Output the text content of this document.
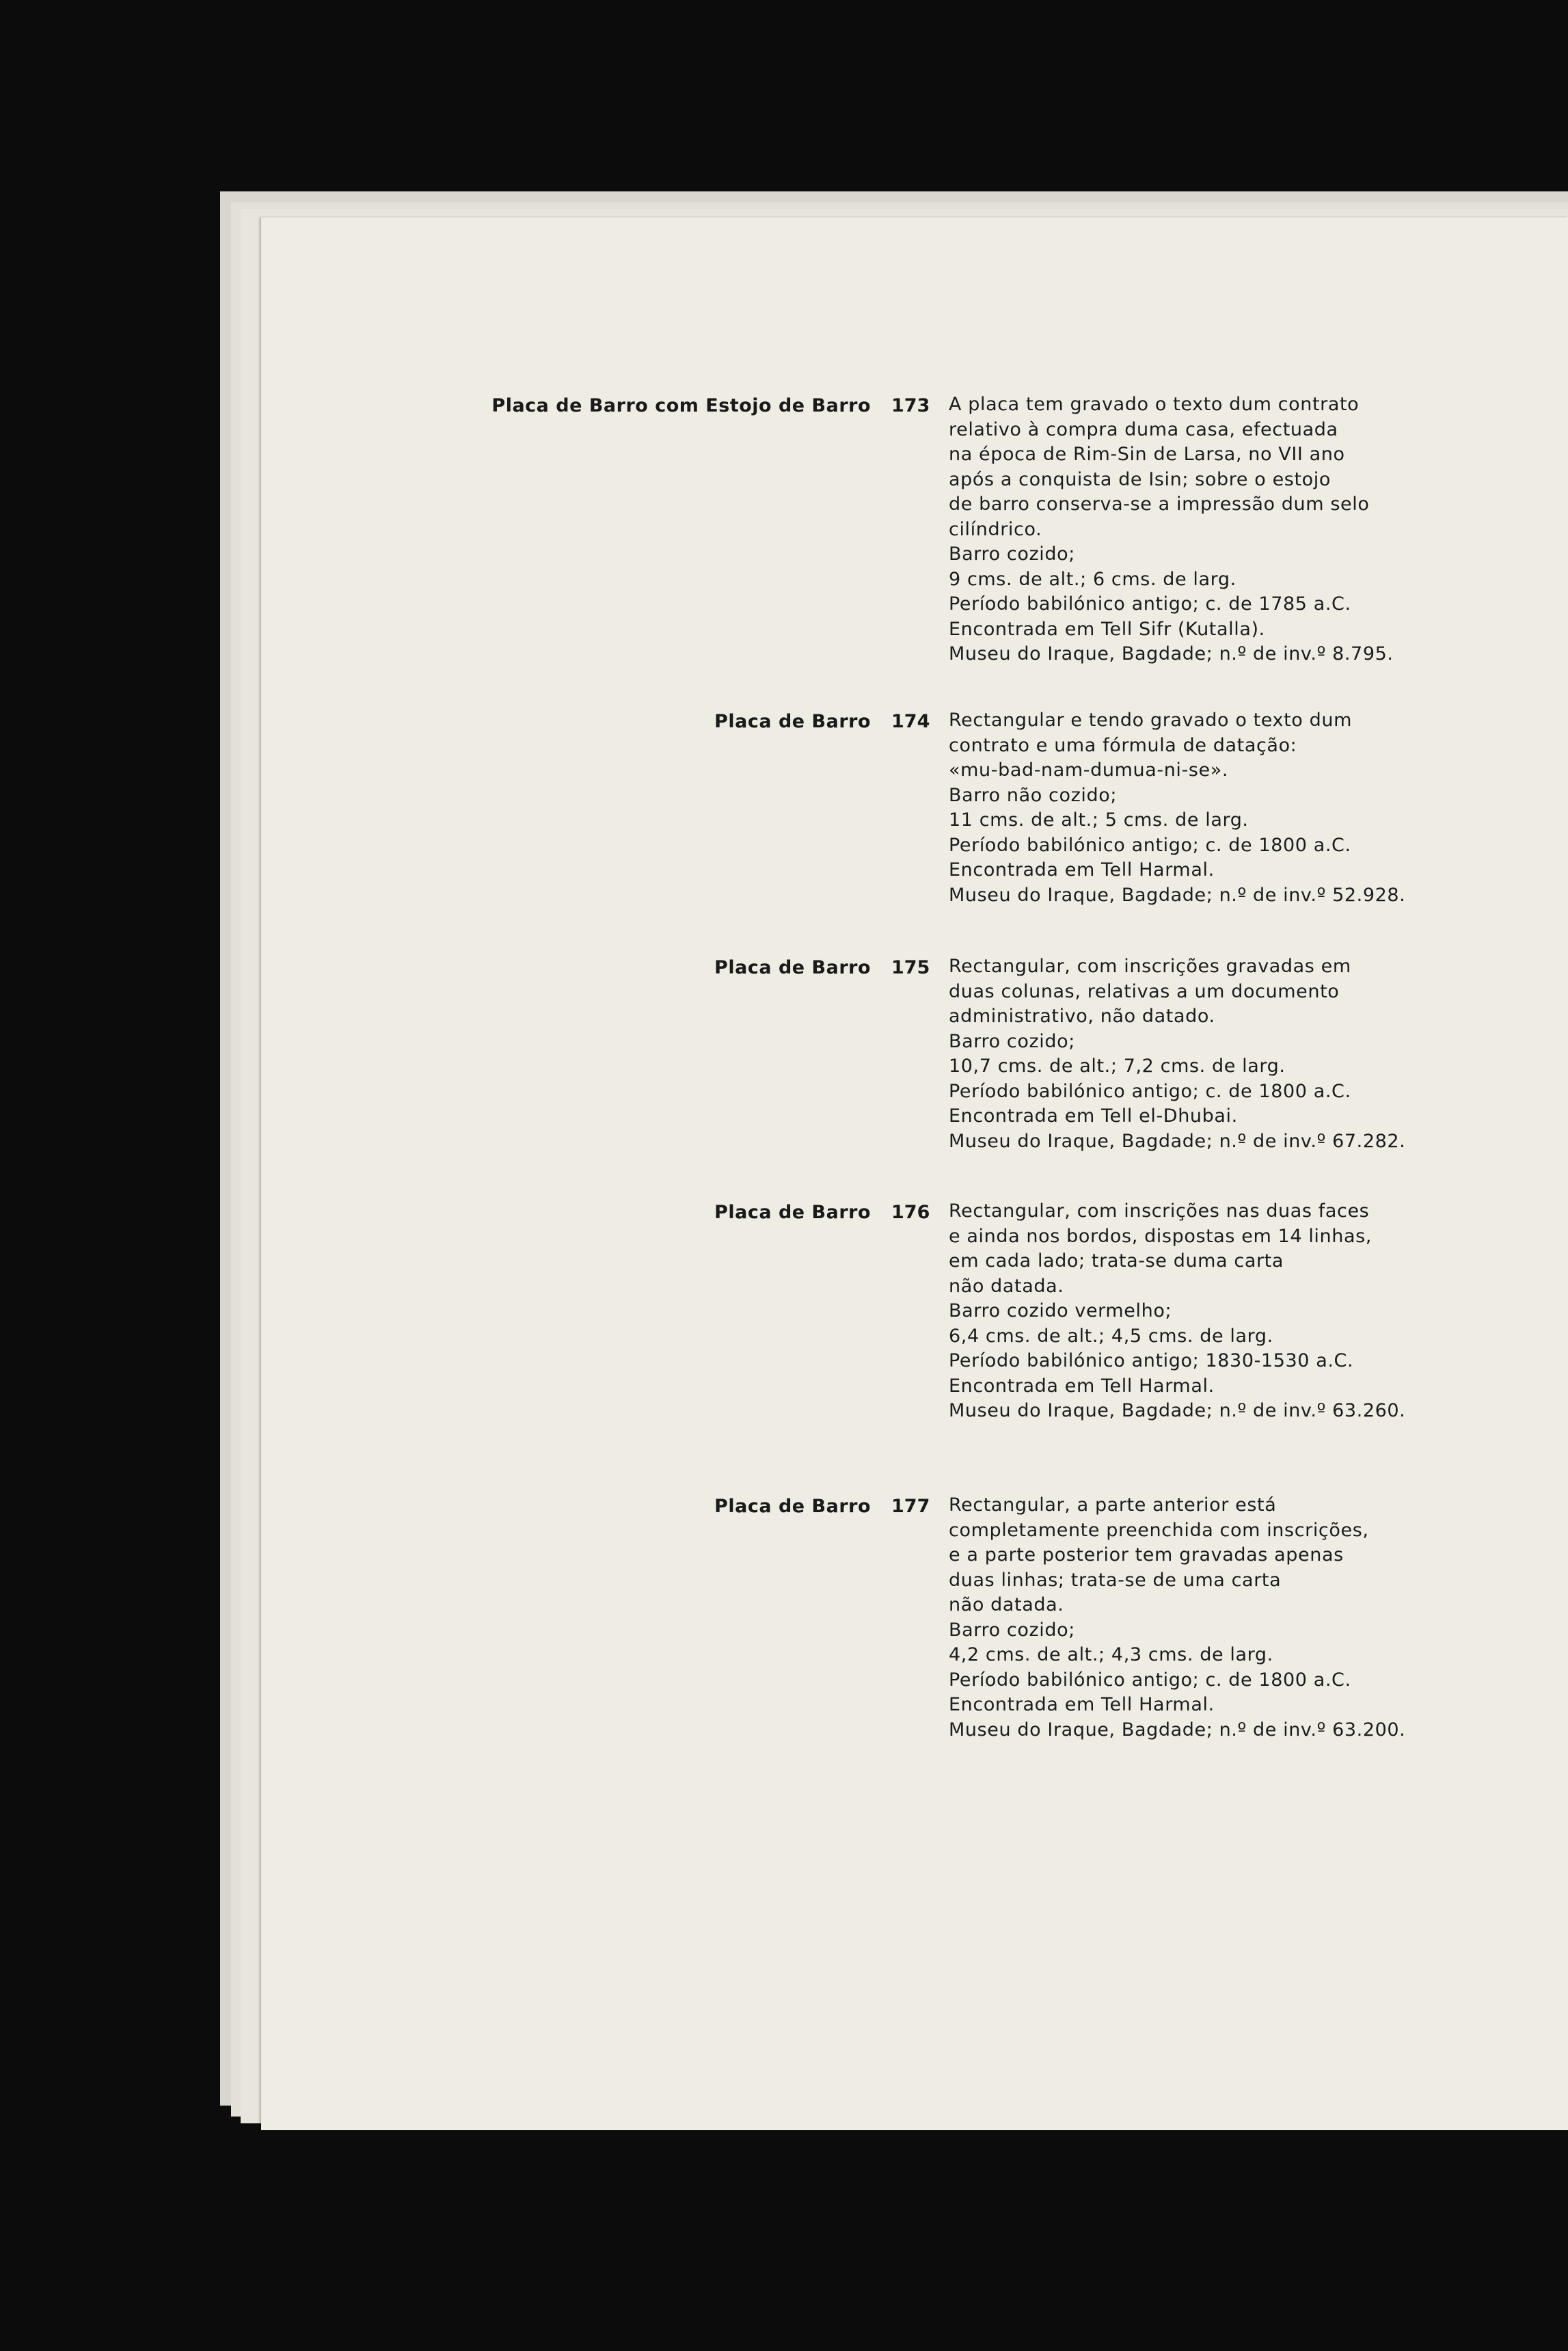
Placa de Barro com Estojo de Barro 173 A placa tem gravado o texto dum contrato
relativo à compra duma casa, efectuada
na época de Rim-Sin de Larsa, no VII ano
após a conquista de Isin; sobre o estojo
de barro conserva-se a impressão dum selo
cilíndrico.
Barro cozido;
9 cms. de alt.; 6 cms. de larg.
Período babilónico antigo; c. de 1785 a.C.
Encontrada em Tell Sifr (Kutalla).
Museu do Iraque, Bagdade; n.º de inv.º 8.795.
Placa de Barro 174 Rectangular e tendo gravado o texto dum
contrato e uma fórmula de datação:
«mu-bad-nam-dumua-ni-se».
Barro não cozido;
11 cms. de alt.; 5 cms. de larg.
Período babilónico antigo; c. de 1800 a.C.
Encontrada em Tell Harmal.
Museu do Iraque, Bagdade; n.º de inv.º 52.928.
Placa de Barro 175 Rectangular, com inscrições gravadas em
duas colunas, relativas a um documento
administrativo, não datado.
Barro cozido;
10,7 cms. de alt.; 7,2 cms. de larg.
Período babilónico antigo; c. de 1800 a.C.
Encontrada em Tell el-Dhubai.
Museu do Iraque, Bagdade; n.º de inv.º 67.282.
Placa de Barro 176 Rectangular, com inscrições nas duas faces
e ainda nos bordos, dispostas em 14 linhas,
em cada lado; trata-se duma carta
não datada.
Barro cozido vermelho;
6,4 cms. de alt.; 4,5 cms. de larg.
Período babilónico antigo; 1830-1530 a.C.
Encontrada em Tell Harmal.
Museu do Iraque, Bagdade; n.º de inv.º 63.260.
Placa de Barro 177 Rectangular, a parte anterior está
completamente preenchida com inscrições,
e a parte posterior tem gravadas apenas
duas linhas; trata-se de uma carta
não datada.
Barro cozido;
4,2 cms. de alt.; 4,3 cms. de larg.
Período babilónico antigo; c. de 1800 a.C.
Encontrada em Tell Harmal.
Museu do Iraque, Bagdade; n.º de inv.º 63.200.
